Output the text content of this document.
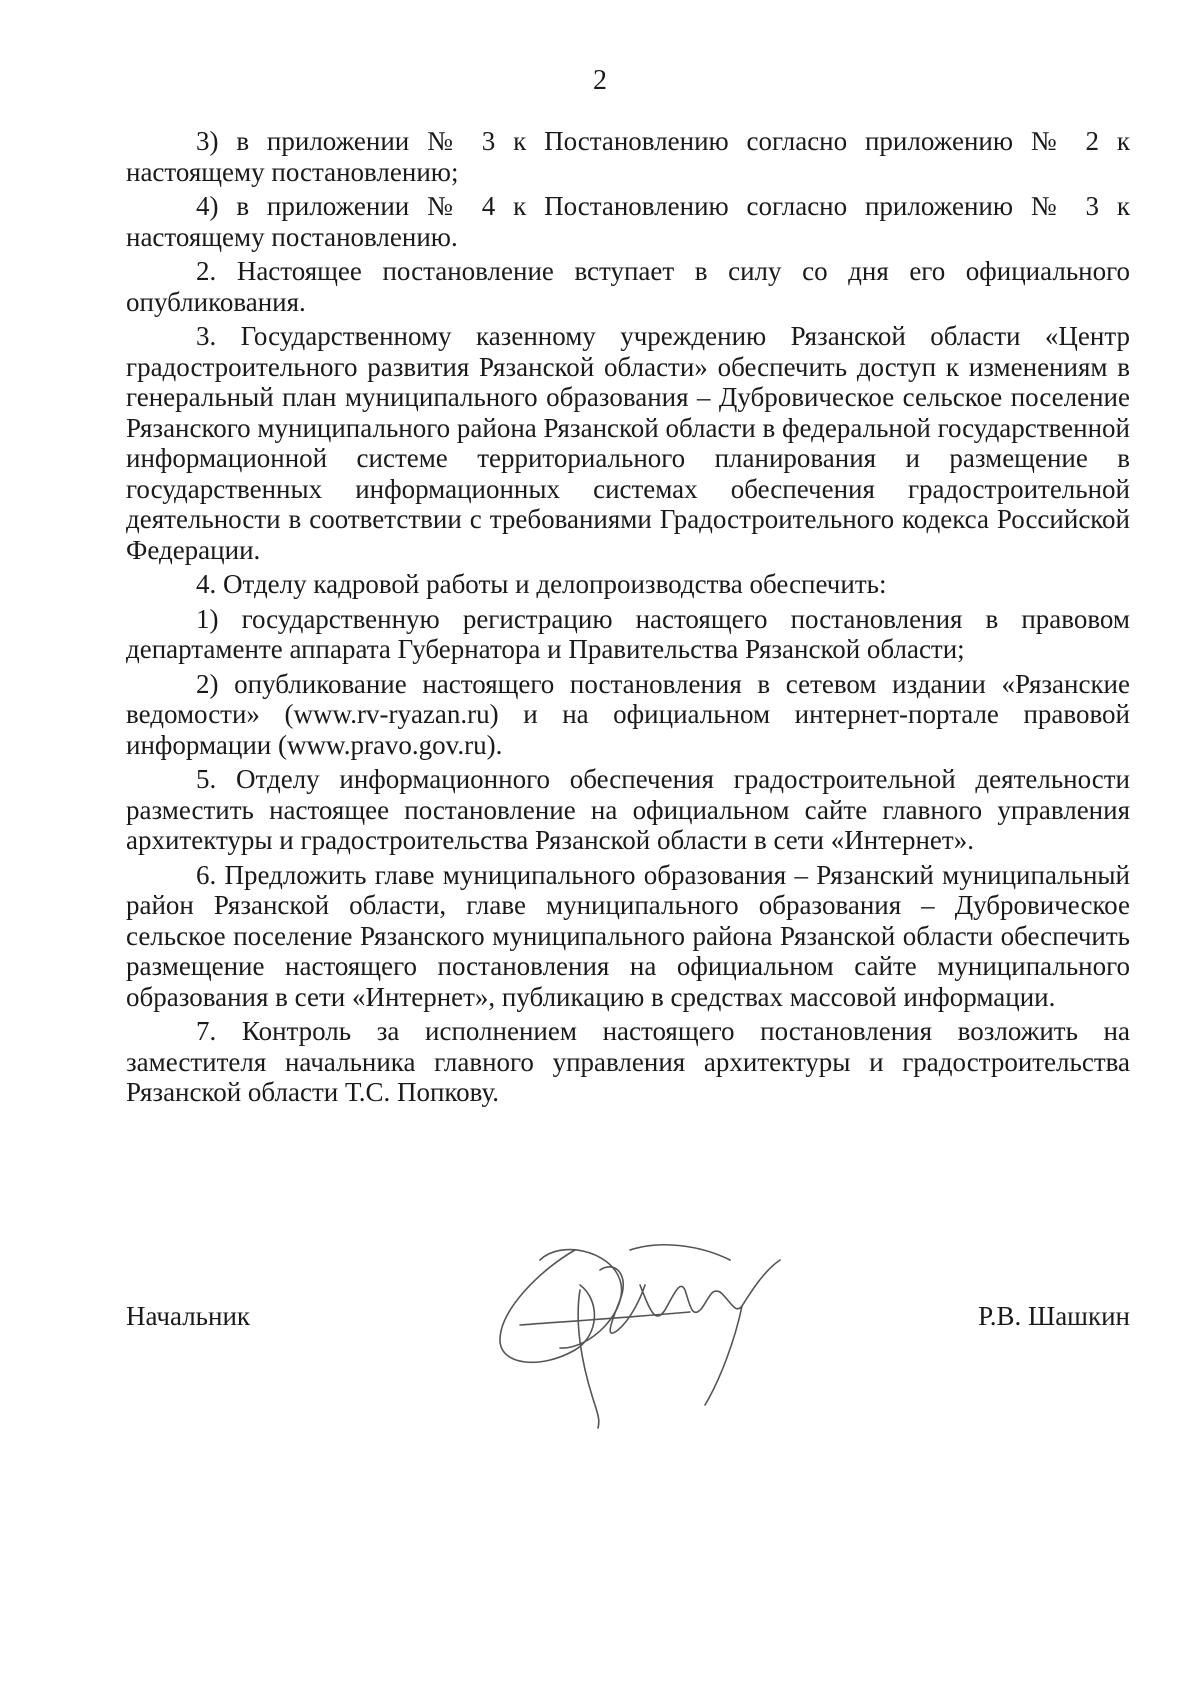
2

3) в приложении № 3 к Постановлению согласно приложению № 2 к настоящему постановлению;

4) в приложении № 4 к Постановлению согласно приложению № 3 к настоящему постановлению.

2. Настоящее постановление вступает в силу со дня его официального опубликования.

3. Государственному казенному учреждению Рязанской области «Центр градостроительного развития Рязанской области» обеспечить доступ к изменениям в генеральный план муниципального образования – Дубровическое сельское поселение Рязанского муниципального района Рязанской области в федеральной государственной информационной системе территориального планирования и размещение в государственных информационных системах обеспечения градостроительной деятельности в соответствии с требованиями Градостроительного кодекса Российской Федерации.

4. Отделу кадровой работы и делопроизводства обеспечить:

1) государственную регистрацию настоящего постановления в правовом департаменте аппарата Губернатора и Правительства Рязанской области;

2) опубликование настоящего постановления в сетевом издании «Рязанские ведомости» (www.rv-ryazan.ru) и на официальном интернет-портале правовой информации (www.pravo.gov.ru).

5. Отделу информационного обеспечения градостроительной деятельности разместить настоящее постановление на официальном сайте главного управления архитектуры и градостроительства Рязанской области в сети «Интернет».

6. Предложить главе муниципального образования – Рязанский муниципальный район Рязанской области, главе муниципального образования – Дубровическое сельское поселение Рязанского муниципального района Рязанской области обеспечить размещение настоящего постановления на официальном сайте муниципального образования в сети «Интернет», публикацию в средствах массовой информации.

7. Контроль за исполнением настоящего постановления возложить на заместителя начальника главного управления архитектуры и градостроительства Рязанской области Т.С. Попкову.

Начальник	Р.В. Шашкин
